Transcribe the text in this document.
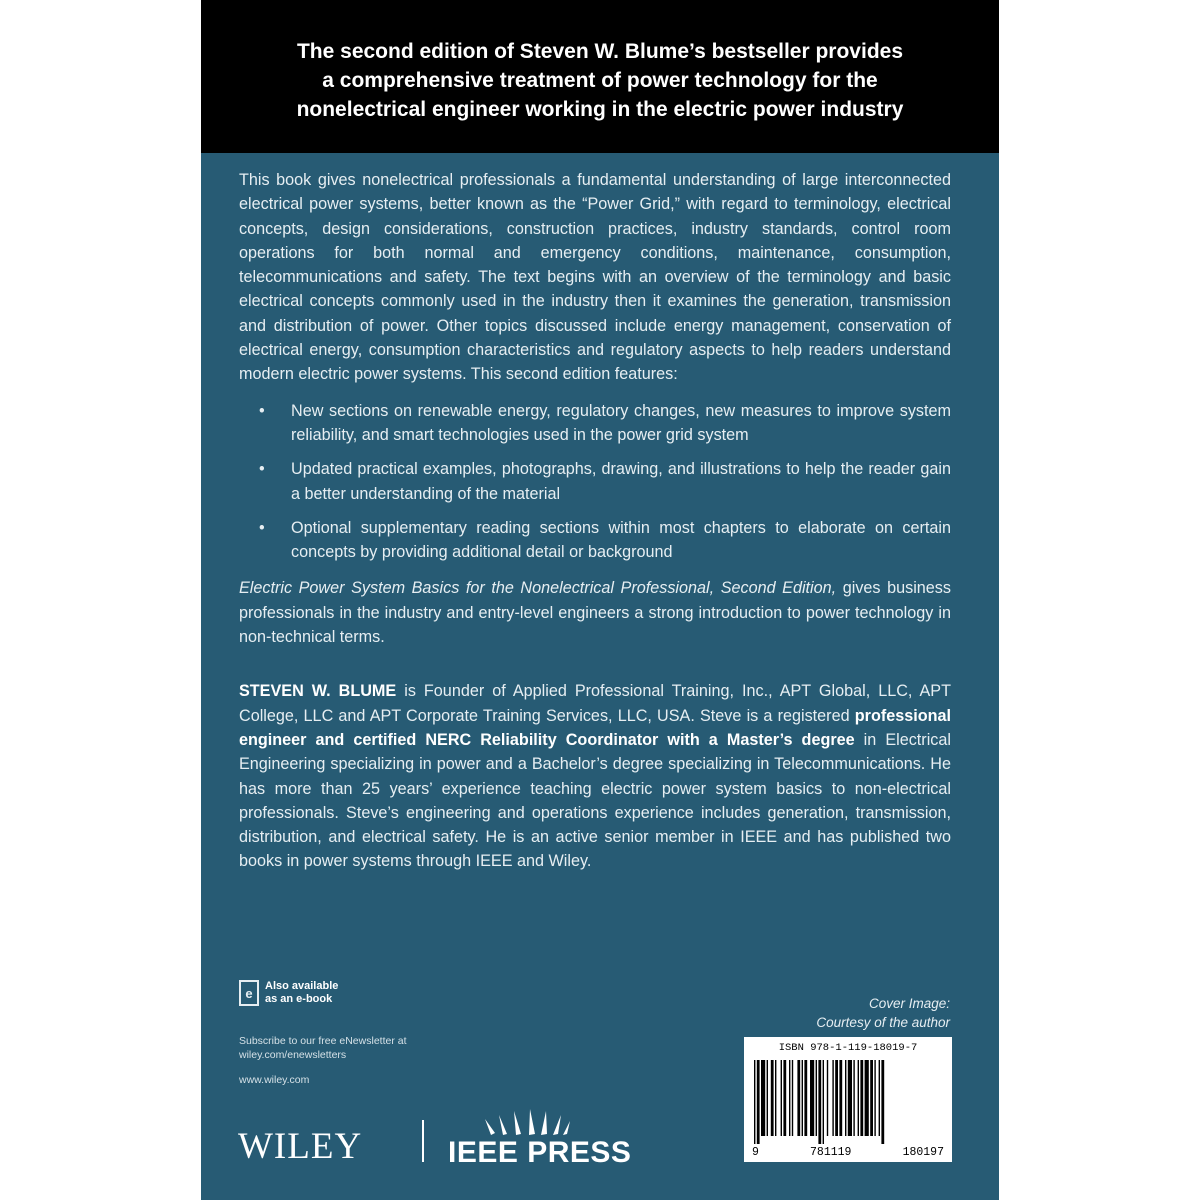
The second edition of Steven W. Blume’s bestseller provides
a comprehensive treatment of power technology for the
nonelectrical engineer working in the electric power industry

This book gives nonelectrical professionals a fundamental understanding of large interconnected electrical power systems, better known as the “Power Grid,” with regard to terminology, electrical concepts, design considerations, construction practices, industry standards, control room operations for both normal and emergency conditions, maintenance, consumption, telecommunications and safety. The text begins with an overview of the terminology and basic electrical concepts commonly used in the industry then it examines the generation, transmission and distribution of power. Other topics discussed include energy management, conservation of electrical energy, consumption characteristics and regulatory aspects to help readers understand modern electric power systems. This second edition features:

• New sections on renewable energy, regulatory changes, new measures to improve system reliability, and smart technologies used in the power grid system
• Updated practical examples, photographs, drawing, and illustrations to help the reader gain a better understanding of the material
• Optional supplementary reading sections within most chapters to elaborate on certain concepts by providing additional detail or background

Electric Power System Basics for the Nonelectrical Professional, Second Edition, gives business professionals in the industry and entry-level engineers a strong introduction to power technology in non-technical terms.

STEVEN W. BLUME is Founder of Applied Professional Training, Inc., APT Global, LLC, APT College, LLC and APT Corporate Training Services, LLC, USA. Steve is a registered professional engineer and certified NERC Reliability Coordinator with a Master’s degree in Electrical Engineering specializing in power and a Bachelor’s degree specializing in Telecommunications. He has more than 25 years’ experience teaching electric power system basics to non-electrical professionals. Steve’s engineering and operations experience includes generation, transmission, distribution, and electrical safety. He is an active senior member in IEEE and has published two books in power systems through IEEE and Wiley.

e	Also available
as an e-book
Subscribe to our free eNewsletter at
wiley.com/enewsletters
www.wiley.com
Cover Image:
Courtesy of the author
ISBN 978-1-119-18019-7
9	781119	180197
WILEY	IEEE PRESS
